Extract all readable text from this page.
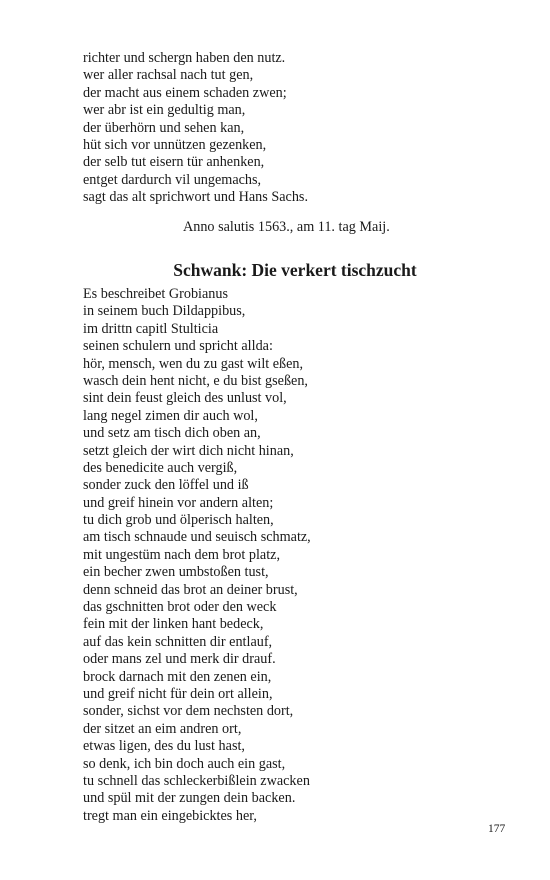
richter und schergn haben den nutz.
wer aller rachsal nach tut gen,
der macht aus einem schaden zwen;
wer abr ist ein gedultig man,
der überhörn und sehen kan,
hüt sich vor unnützen gezenken,
der selb tut eisern tür anhenken,
entget dardurch vil ungemachs,
sagt das alt sprichwort und Hans Sachs.
Anno salutis 1563., am 11. tag Maij.
Schwank: Die verkert tischzucht
Es beschreibet Grobianus
in seinem buch Dildappibus,
im drittn capitl Stulticia
seinen schulern und spricht allda:
hör, mensch, wen du zu gast wilt eßen,
wasch dein hent nicht, e du bist gseßen,
sint dein feust gleich des unlust vol,
lang negel zimen dir auch wol,
und setz am tisch dich oben an,
setzt gleich der wirt dich nicht hinan,
des benedicite auch vergiß,
sonder zuck den löffel und iß
und greif hinein vor andern alten;
tu dich grob und ölperisch halten,
am tisch schnaude und seuisch schmatz,
mit ungestüm nach dem brot platz,
ein becher zwen umbstoßen tust,
denn schneid das brot an deiner brust,
das gschnitten brot oder den weck
fein mit der linken hant bedeck,
auf das kein schnitten dir entlauf,
oder mans zel und merk dir drauf.
brock darnach mit den zenen ein,
und greif nicht für dein ort allein,
sonder, sichst vor dem nechsten dort,
der sitzet an eim andren ort,
etwas ligen, des du lust hast,
so denk, ich bin doch auch ein gast,
tu schnell das schleckerbißlein zwacken
und spül mit der zungen dein backen.
tregt man ein eingebicktes her,
177
